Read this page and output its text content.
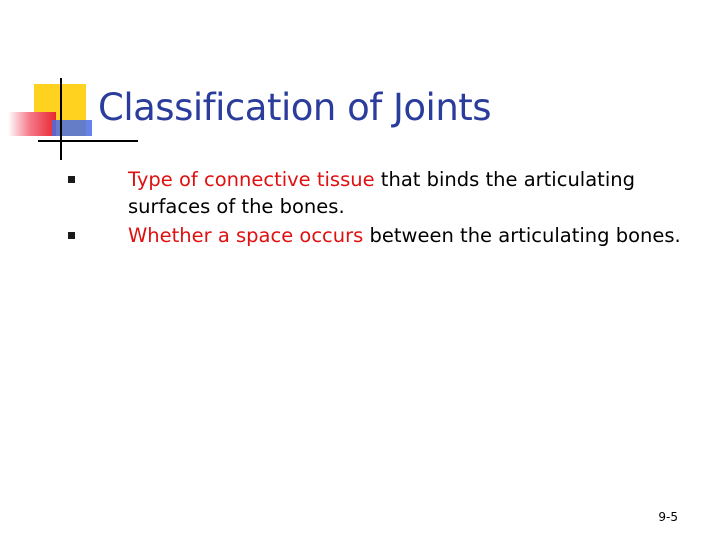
Classification of Joints
Type of connective tissue that binds the articulating surfaces of the bones.
Whether a space occurs between the articulating bones.
9-5
